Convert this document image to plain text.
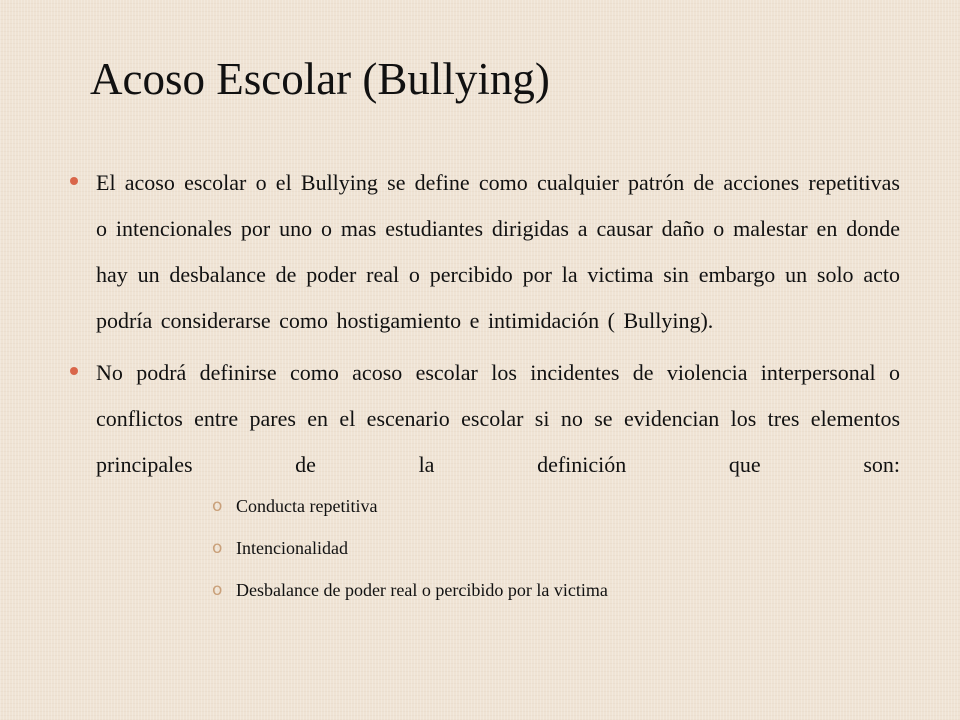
Acoso Escolar (Bullying)
El acoso escolar o el Bullying se define como cualquier patrón de acciones repetitivas o intencionales por uno o mas estudiantes dirigidas a causar daño o malestar en donde hay un desbalance de poder real o percibido por la victima sin embargo un solo acto podría considerarse como hostigamiento e intimidación ( Bullying).
No podrá definirse como acoso escolar los incidentes de violencia interpersonal o conflictos entre pares en el escenario escolar si no se evidencian los tres elementos principales de la definición que son:
o Conducta repetitiva
o Intencionalidad
o Desbalance de poder real o percibido por la victima
